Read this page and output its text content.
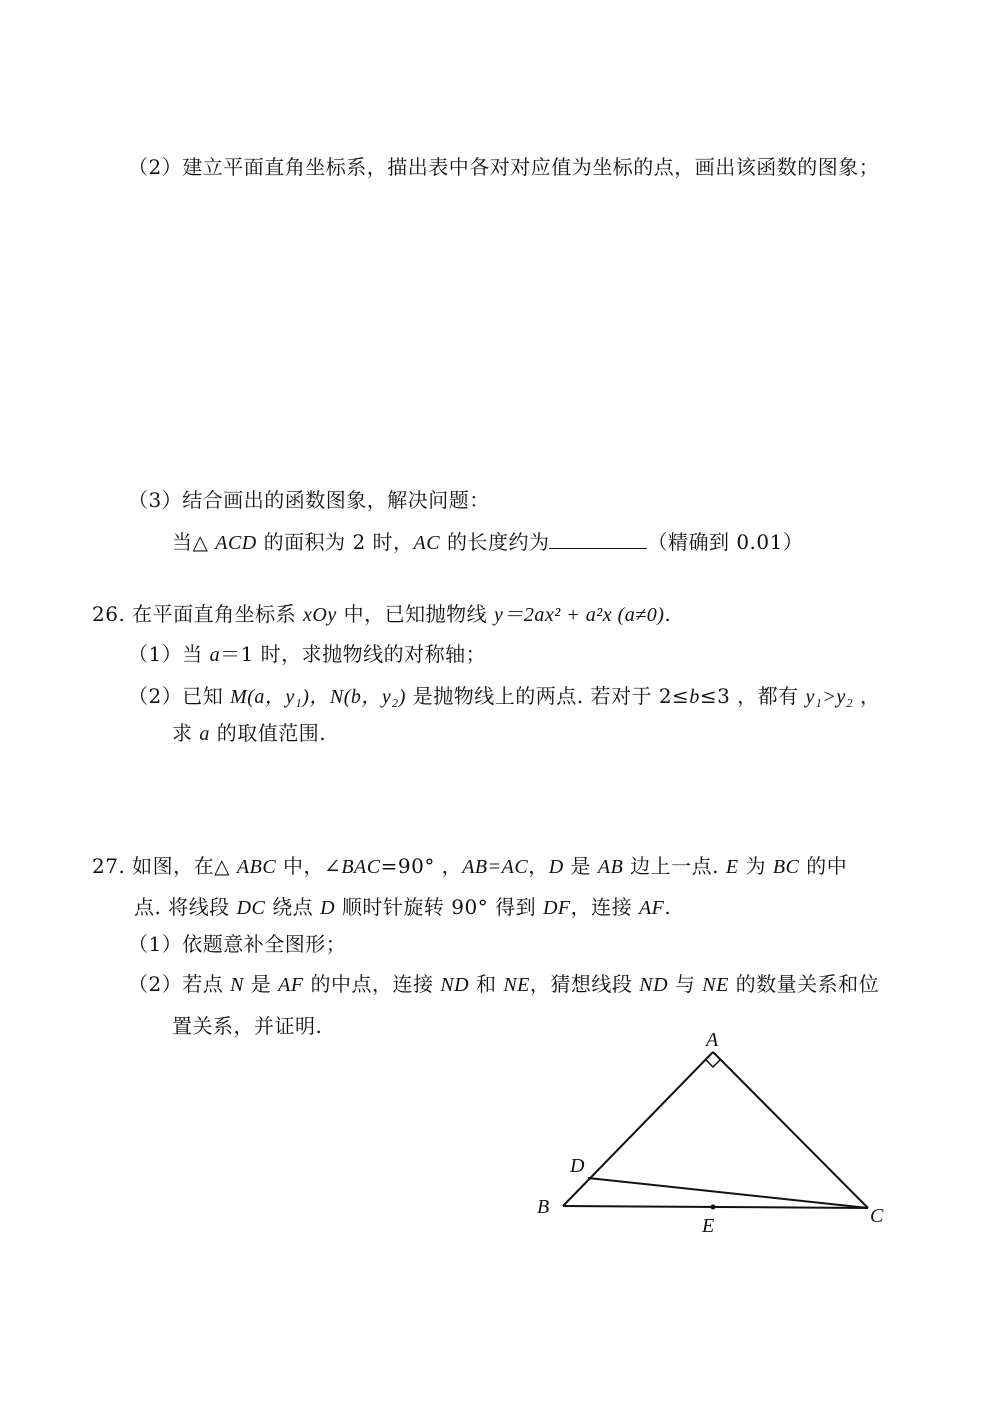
（2）建立平面直角坐标系，描出表中各对对应值为坐标的点，画出该函数的图象；
（3）结合画出的函数图象，解决问题：
当△ ACD 的面积为 2 时，AC 的长度约为	（精确到 0.01）
26. 在平面直角坐标系 xOy 中，已知抛物线 y＝2ax² + a²x (a≠0).
（1）当 a＝1 时，求抛物线的对称轴；
（2）已知 M(a，y₁)，N(b，y₂) 是抛物线上的两点. 若对于 2≤b≤3 ，都有 y₁>y₂ ，
求 a 的取值范围.
27. 如图，在△ ABC 中，∠BAC=90° ，AB=AC，D 是 AB 边上一点. E 为 BC 的中
点. 将线段 DC 绕点 D 顺时针旋转 90° 得到 DF，连接 AF.
（1）依题意补全图形；
（2）若点 N 是 AF 的中点，连接 ND 和 NE，猜想线段 ND 与 NE 的数量关系和位
置关系，并证明.
A
B	C
D
E
